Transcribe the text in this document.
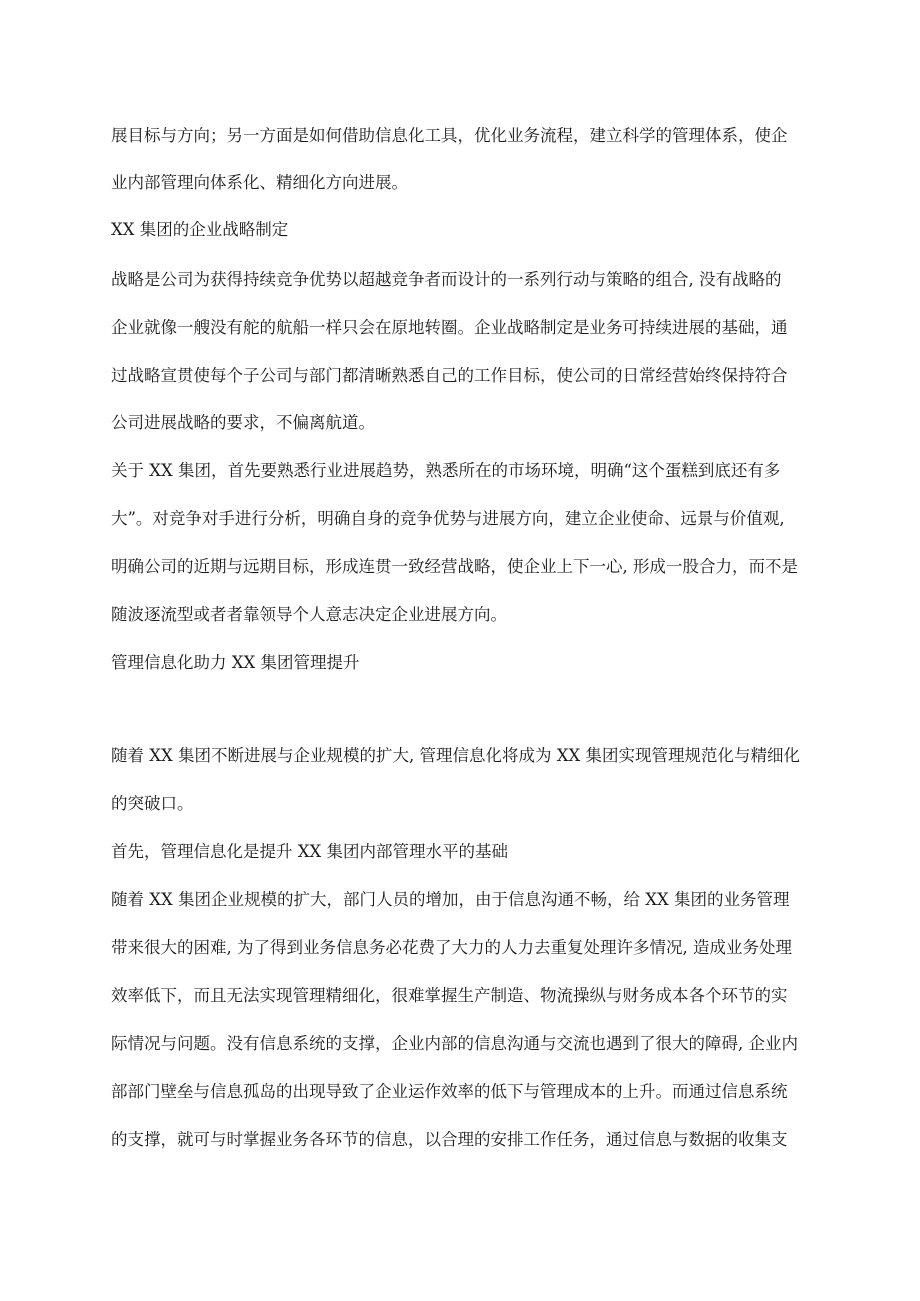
展目标与方向；另一方面是如何借助信息化工具，优化业务流程，建立科学的管理体系，使企
业内部管理向体系化、精细化方向进展。
XX 集团的企业战略制定
战略是公司为获得持续竞争优势以超越竞争者而设计的一系列行动与策略的组合, 没有战略的
企业就像一艘没有舵的航船一样只会在原地转圈。企业战略制定是业务可持续进展的基础，通
过战略宣贯使每个子公司与部门都清晰熟悉自己的工作目标，使公司的日常经营始终保持符合
公司进展战略的要求，不偏离航道。
关于 XX 集团，首先要熟悉行业进展趋势，熟悉所在的市场环境，明确“这个蛋糕到底还有多
大”。对竞争对手进行分析，明确自身的竞争优势与进展方向，建立企业使命、远景与价值观,
明确公司的近期与远期目标，形成连贯一致经营战略，使企业上下一心, 形成一股合力，而不是
随波逐流型或者者靠领导个人意志决定企业进展方向。
管理信息化助力 XX 集团管理提升
随着 XX 集团不断进展与企业规模的扩大, 管理信息化将成为 XX 集团实现管理规范化与精细化
的突破口。
首先，管理信息化是提升 XX 集团内部管理水平的基础
随着 XX 集团企业规模的扩大，部门人员的增加，由于信息沟通不畅，给 XX 集团的业务管理
带来很大的困难, 为了得到业务信息务必花费了大力的人力去重复处理许多情况, 造成业务处理
效率低下，而且无法实现管理精细化，很难掌握生产制造、物流操纵与财务成本各个环节的实
际情况与问题。没有信息系统的支撑，企业内部的信息沟通与交流也遇到了很大的障碍, 企业内
部部门壁垒与信息孤岛的出现导致了企业运作效率的低下与管理成本的上升。而通过信息系统
的支撑，就可与时掌握业务各环节的信息，以合理的安排工作任务，通过信息与数据的收集支
